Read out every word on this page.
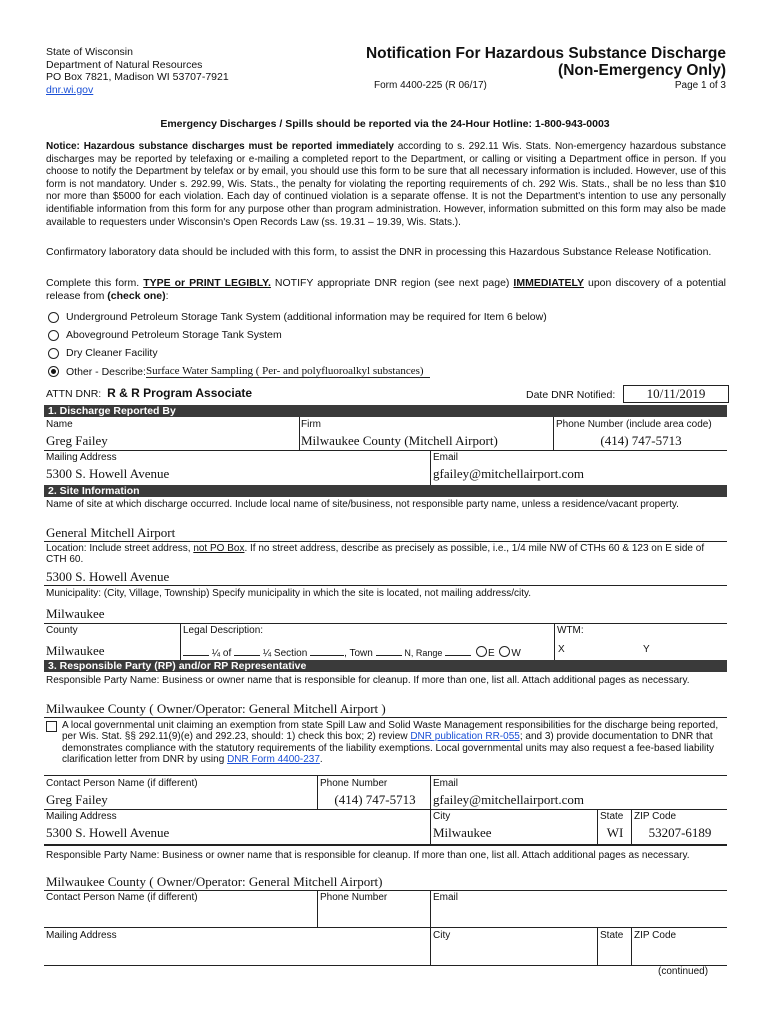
State of Wisconsin
Department of Natural Resources
PO Box 7821, Madison WI 53707-7921
dnr.wi.gov
Notification For Hazardous Substance Discharge
(Non-Emergency Only)
Form 4400-225 (R 06/17)	Page 1 of 3
Emergency Discharges / Spills should be reported via the 24-Hour Hotline: 1-800-943-0003
Notice: Hazardous substance discharges must be reported immediately according to s. 292.11 Wis. Stats. Non-emergency hazardous substance discharges may be reported by telefaxing or e-mailing a completed report to the Department, or calling or visiting a Department office in person. If you choose to notify the Department by telefax or by email, you should use this form to be sure that all necessary information is included. However, use of this form is not mandatory. Under s. 292.99, Wis. Stats., the penalty for violating the reporting requirements of ch. 292 Wis. Stats., shall be no less than $10 nor more than $5000 for each violation. Each day of continued violation is a separate offense. It is not the Department's intention to use any personally identifiable information from this form for any purpose other than program administration. However, information submitted on this form may also be made available to requesters under Wisconsin's Open Records Law (ss. 19.31 – 19.39, Wis. Stats.).
Confirmatory laboratory data should be included with this form, to assist the DNR in processing this Hazardous Substance Release Notification.
Complete this form. TYPE or PRINT LEGIBLY. NOTIFY appropriate DNR region (see next page) IMMEDIATELY upon discovery of a potential release from (check one):
Underground Petroleum Storage Tank System (additional information may be required for Item 6 below)
Aboveground Petroleum Storage Tank System
Dry Cleaner Facility
Other - Describe: Surface Water Sampling ( Per- and polyfluoroalkyl substances)
ATTN DNR: R & R Program Associate	Date DNR Notified:	10/11/2019
1. Discharge Reported By
Name
Greg Failey
Firm
Milwaukee County (Mitchell Airport)
Phone Number (include area code)
(414) 747-5713
Mailing Address
5300 S. Howell Avenue
Email
gfailey@mitchellairport.com
2. Site Information
Name of site at which discharge occurred. Include local name of site/business, not responsible party name, unless a residence/vacant property.
General Mitchell Airport
Location: Include street address, not PO Box. If no street address, describe as precisely as possible, i.e., 1/4 mile NW of CTHs 60 & 123 on E side of CTH 60.
5300 S. Howell Avenue
Municipality: (City, Village, Township) Specify municipality in which the site is located, not mailing address/city.
Milwaukee
County
Milwaukee
Legal Description:
¼ of	¼ Section	, Town	N, Range	E W
WTM:
X	Y
3. Responsible Party (RP) and/or RP Representative
Responsible Party Name: Business or owner name that is responsible for cleanup. If more than one, list all. Attach additional pages as necessary.
Milwaukee County ( Owner/Operator: General Mitchell Airport )
A local governmental unit claiming an exemption from state Spill Law and Solid Waste Management responsibilities for the discharge being reported, per Wis. Stat. §§ 292.11(9)(e) and 292.23, should: 1) check this box; 2) review DNR publication RR-055; and 3) provide documentation to DNR that demonstrates compliance with the statutory requirements of the liability exemptions. Local governmental units may also request a fee-based liability clarification letter from DNR by using DNR Form 4400-237.
Contact Person Name (if different)
Greg Failey
Phone Number
(414) 747-5713
Email
gfailey@mitchellairport.com
Mailing Address
5300 S. Howell Avenue
City
Milwaukee
State
WI
ZIP Code
53207-6189
Responsible Party Name: Business or owner name that is responsible for cleanup. If more than one, list all. Attach additional pages as necessary.
Milwaukee County ( Owner/Operator: General Mitchell Airport)
Contact Person Name (if different)	Phone Number	Email
Mailing Address	City	State ZIP Code
(continued)
